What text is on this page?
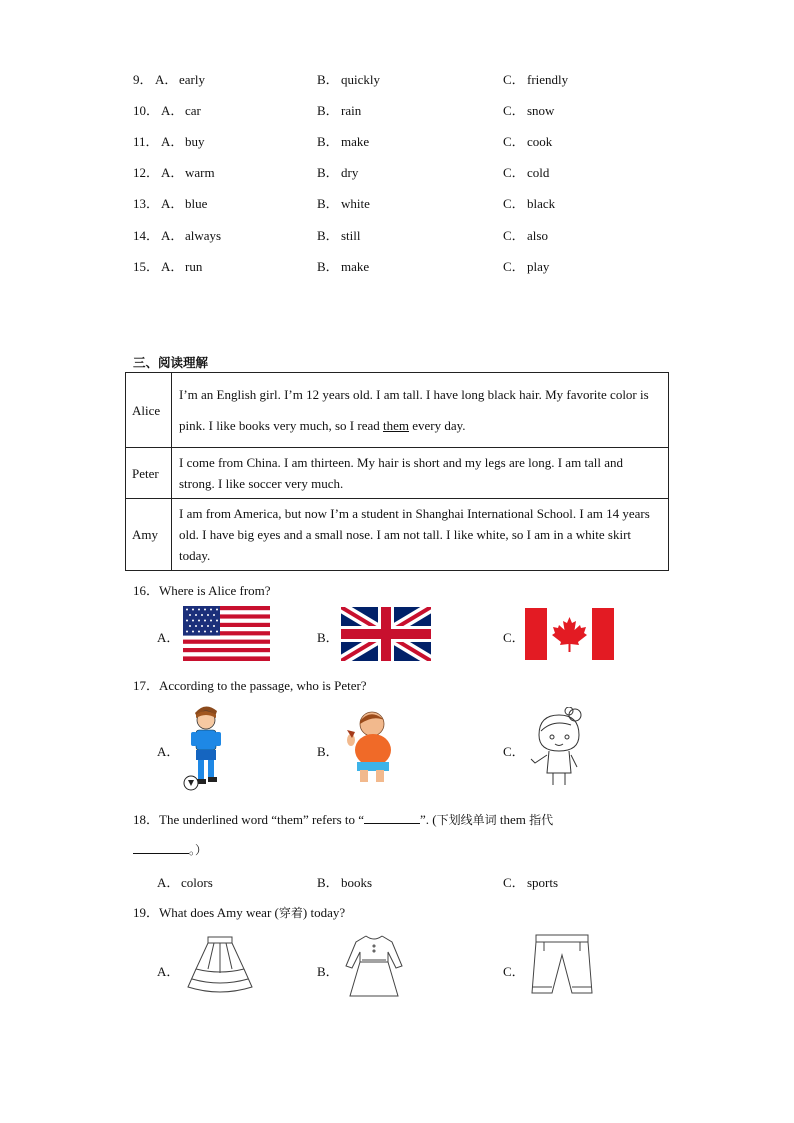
9． A． early	B． quickly	C． friendly
10． A． car	B． rain	C． snow
11． A． buy	B． make	C． cook
12． A． warm	B． dry	C． cold
13． A． blue	B． white	C． black
14． A． always	B． still	C． also
15． A． run	B． make	C． play
三、阅读理解
Alice	I’m an English girl. I’m 12 years old. I am tall. I have long black hair. My favorite color is pink. I like books very much, so I read them every day.
Peter	I come from China. I am thirteen. My hair is short and my legs are long. I am tall and strong. I like soccer very much.
Amy	I am from America, but now I’m a student in Shanghai International School. I am 14 years old. I have big eyes and a small nose. I am not tall. I like white, so I am in a white skirt today.
16．Where is Alice from?
A．	B．	C．
17．According to the passage, who is Peter?
A．	B．	C．
18．The underlined word “them” refers to “	”. (下划线单词 them 指代
。）
A． colors	B． books	C． sports
19．What does Amy wear (穿着) today?
A．	B．	C．
